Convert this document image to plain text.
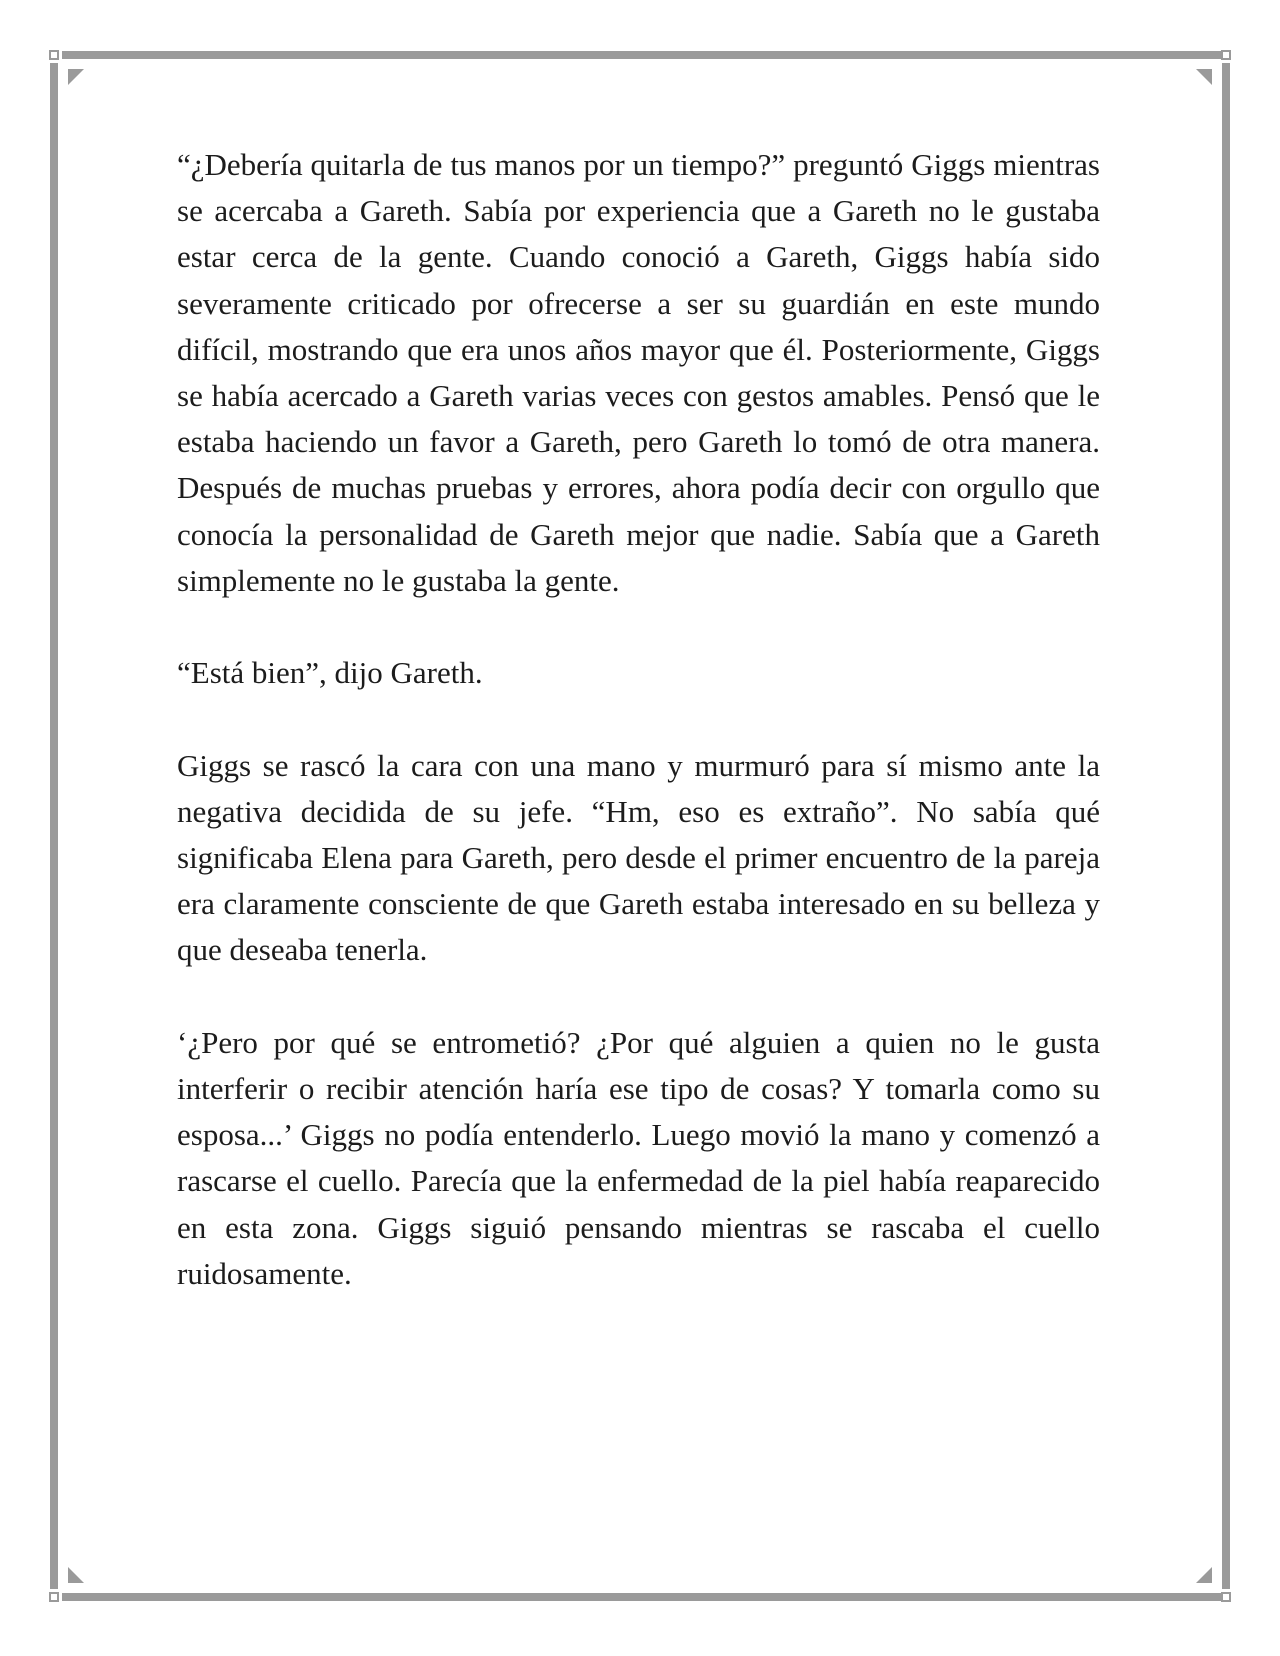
“¿Debería quitarla de tus manos por un tiempo?” preguntó Giggs mientras se acercaba a Gareth. Sabía por experiencia que a Gareth no le gustaba estar cerca de la gente. Cuando conoció a Gareth, Giggs había sido severamente criticado por ofrecerse a ser su guardián en este mundo difícil, mostrando que era unos años mayor que él. Posteriormente, Giggs se había acercado a Gareth varias veces con gestos amables. Pensó que le estaba haciendo un favor a Gareth, pero Gareth lo tomó de otra manera. Después de muchas pruebas y errores, ahora podía decir con orgullo que conocía la personalidad de Gareth mejor que nadie. Sabía que a Gareth simplemente no le gustaba la gente.

“Está bien”, dijo Gareth.

Giggs se rascó la cara con una mano y murmuró para sí mismo ante la negativa decidida de su jefe. “Hm, eso es extraño”. No sabía qué significaba Elena para Gareth, pero desde el primer encuentro de la pareja era claramente consciente de que Gareth estaba interesado en su belleza y que deseaba tenerla.

‘¿Pero por qué se entrometió? ¿Por qué alguien a quien no le gusta interferir o recibir atención haría ese tipo de cosas? Y tomarla como su esposa...’ Giggs no podía entenderlo. Luego movió la mano y comenzó a rascarse el cuello. Parecía que la enfermedad de la piel había reaparecido en esta zona. Giggs siguió pensando mientras se rascaba el cuello ruidosamente.
